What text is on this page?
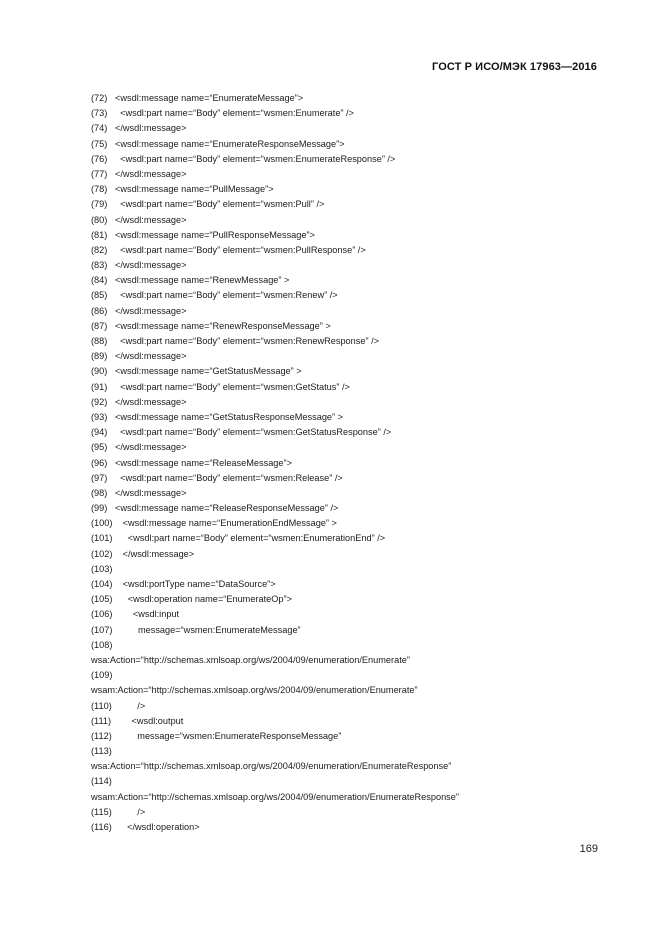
ГОСТ Р ИСО/МЭК 17963—2016
(72)   <wsdl:message name=“EnumerateMessage”>
(73)     <wsdl:part name=“Body” element=“wsmen:Enumerate” />
(74)   </wsdl:message>
(75)   <wsdl:message name=“EnumerateResponseMessage”>
(76)     <wsdl:part name=“Body” element=“wsmen:EnumerateResponse” />
(77)   </wsdl:message>
(78)   <wsdl:message name=“PullMessage”>
(79)     <wsdl:part name=“Body” element=“wsmen:Pull” />
(80)   </wsdl:message>
(81)   <wsdl:message name=“PullResponseMessage”>
(82)     <wsdl:part name=“Body” element=“wsmen:PullResponse” />
(83)   </wsdl:message>
(84)   <wsdl:message name=“RenewMessage” >
(85)     <wsdl:part name=“Body” element=“wsmen:Renew” />
(86)   </wsdl:message>
(87)   <wsdl:message name=“RenewResponseMessage” >
(88)     <wsdl:part name=“Body” element=“wsmen:RenewResponse” />
(89)   </wsdl:message>
(90)   <wsdl:message name=“GetStatusMessage” >
(91)     <wsdl:part name=“Body” element=“wsmen:GetStatus” />
(92)   </wsdl:message>
(93)   <wsdl:message name=“GetStatusResponseMessage” >
(94)     <wsdl:part name=“Body” element=“wsmen:GetStatusResponse” />
(95)   </wsdl:message>
(96)   <wsdl:message name=“ReleaseMessage”>
(97)     <wsdl:part name=“Body” element=“wsmen:Release” />
(98)   </wsdl:message>
(99)   <wsdl:message name=“ReleaseResponseMessage” />
(100)    <wsdl:message name=“EnumerationEndMessage” >
(101)      <wsdl:part name=“Body” element=“wsmen:EnumerationEnd” />
(102)    </wsdl:message>
(103)
(104)    <wsdl:portType name=“DataSource”>
(105)      <wsdl:operation name=“EnumerateOp”>
(106)        <wsdl:input
(107)          message=“wsmen:EnumerateMessage”
(108)
wsa:Action=“http://schemas.xmlsoap.org/ws/2004/09/enumeration/Enumerate”
(109)
wsam:Action=“http://schemas.xmlsoap.org/ws/2004/09/enumeration/Enumerate”
(110)          />
(111)        <wsdl:output
(112)          message=“wsmen:EnumerateResponseMessage”
(113)
wsa:Action=“http://schemas.xmlsoap.org/ws/2004/09/enumeration/EnumerateResponse”
(114)
wsam:Action=“http://schemas.xmlsoap.org/ws/2004/09/enumeration/EnumerateResponse”
(115)          />
(116)      </wsdl:operation>
169
